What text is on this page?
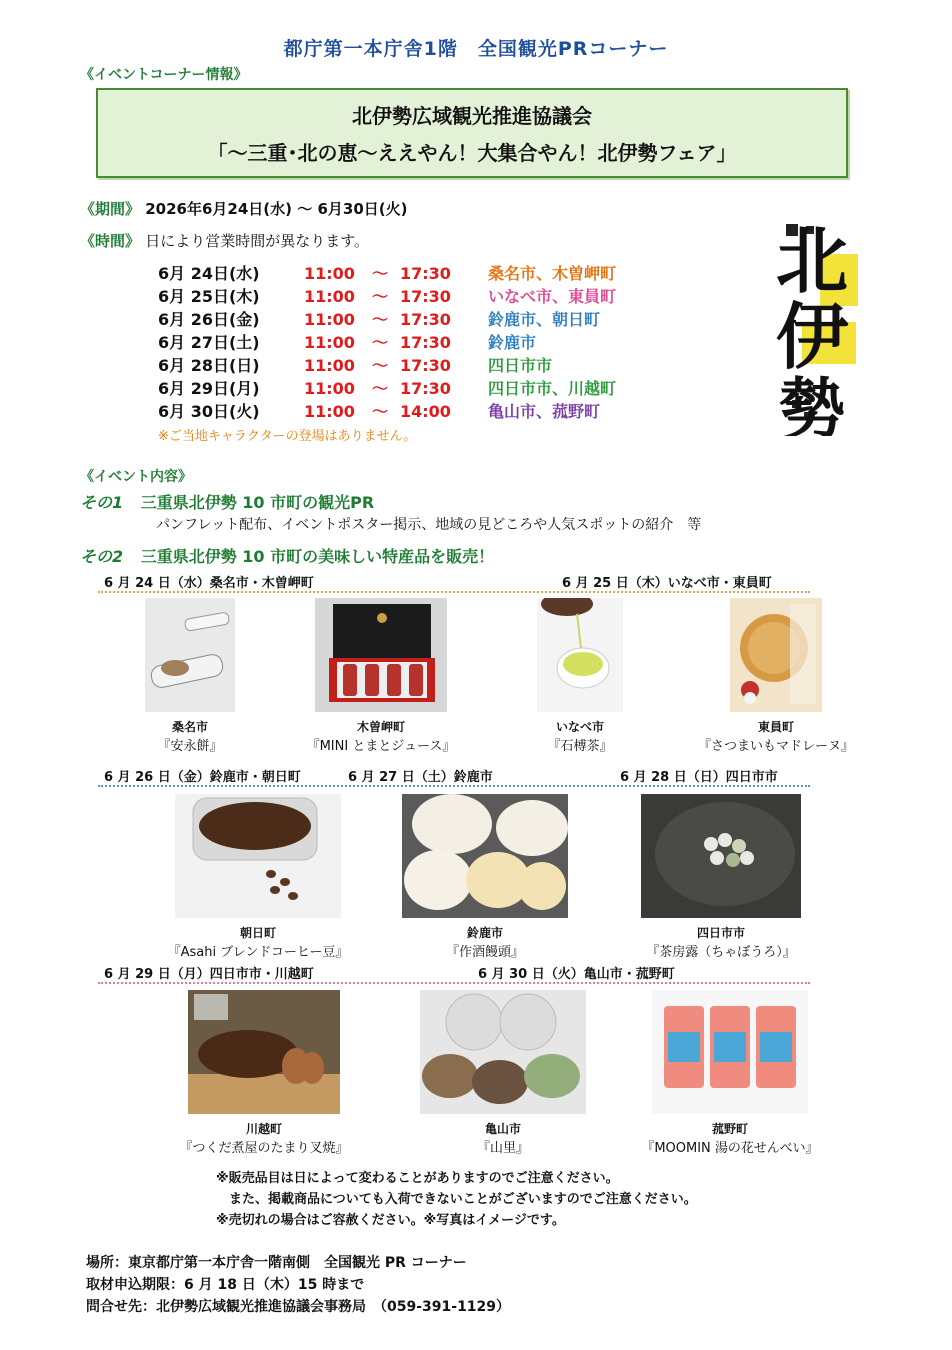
都庁第一本庁舎1階　全国観光PRコーナー
《イベントコーナー情報》
北伊勢広域観光推進協議会
「～三重･北の恵～ええやん！大集合やん！北伊勢フェア」
《期間》 2026年6月24日(水) ～ 6月30日(火)
《時間》 日により営業時間が異なります。
6月 24日(水)	11:00 ～ 17:30 桑名市、木曽岬町
6月 25日(木)	11:00 ～ 17:30 いなべ市、東員町
6月 26日(金)	11:00 ～ 17:30 鈴鹿市、朝日町
6月 27日(土)	11:00 ～ 17:30 鈴鹿市
6月 28日(日)	11:00 ～ 17:30 四日市市
6月 29日(月)	11:00 ～ 17:30 四日市市、川越町
6月 30日(火)	11:00 ～ 14:00 亀山市、菰野町
※ご当地キャラクターの登場はありません。
北
伊
勢
《イベント内容》
その1 三重県北伊勢 10 市町の観光PR
パンフレット配布、イベントポスター掲示、地域の見どころや人気スポットの紹介　等
その2 三重県北伊勢 10 市町の美味しい特産品を販売！
6 月 24 日（水）桑名市・木曽岬町	6 月 25 日（木）いなべ市・東員町
桑名市
『安永餅』
木曽岬町
『MINI とまとジュース』
いなべ市
『石榑茶』
東員町
『さつまいもマドレーヌ』
6 月 26 日（金）鈴鹿市・朝日町	6 月 27 日（土）鈴鹿市	6 月 28 日（日）四日市市
朝日町
『Asahi ブレンドコーヒー豆』
鈴鹿市
『作酒饅頭』
四日市市
『茶房露（ちゃぼうろ）』
6 月 29 日（月）四日市市・川越町	6 月 30 日（火）亀山市・菰野町
川越町
『つくだ煮屋のたまり叉焼』
亀山市
『山里』
菰野町
『MOOMIN 湯の花せんべい』
※販売品目は日によって変わることがありますのでご注意ください。
　また、掲載商品についても入荷できないことがございますのでご注意ください。
※売切れの場合はご容赦ください。※写真はイメージです。
場所：東京都庁第一本庁舎一階南側　全国観光 PR コーナー
取材申込期限：6 月 18 日（木）15 時まで
問合せ先：北伊勢広域観光推進協議会事務局　（059-391-1129）
